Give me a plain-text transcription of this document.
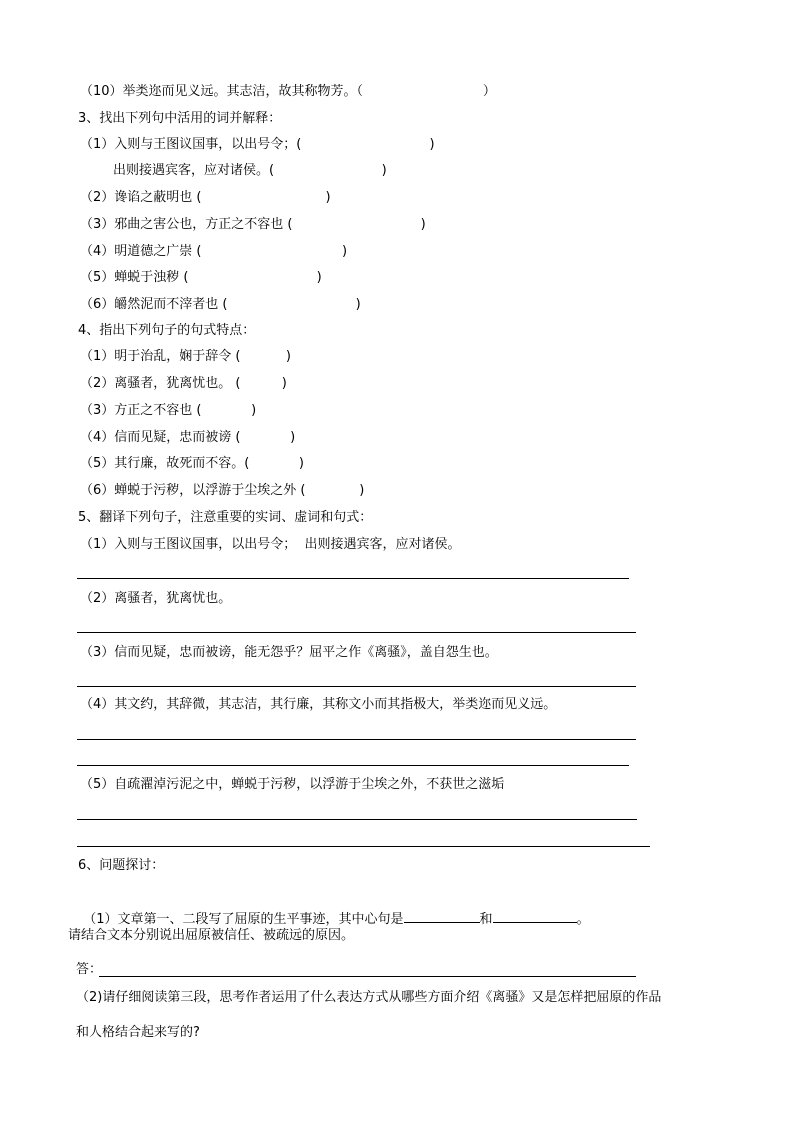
（10）举类迩而见义远。其志洁，故其称物芳。（                             ）
3、找出下列句中活用的词并解释：
（1）入则与王图议国事，以出号令；(                               )
出则接遇宾客，应对诸侯。(                          )
（2）谗谄之蔽明也 (                              )
（3）邪曲之害公也，方正之不容也 (                               )
（4）明道德之广崇 (                                  )
（5）蝉蜕于浊秽 (                               )
（6）皭然泥而不滓者也 (                               )
4、指出下列句子的句式特点：
（1）明于治乱，娴于辞令 (           )
（2）离骚者，犹离忧也。 (          )
（3）方正之不容也 (            )
（4）信而见疑，忠而被谤 (            )
（5）其行廉，故死而不容。(            )
（6）蝉蜕于污秽，以浮游于尘埃之外 (             )
5、翻译下列句子，注意重要的实词、虚词和句式：
（1）入则与王图议国事，以出号令；  出则接遇宾客，应对诸侯。
（2）离骚者，犹离忧也。
（3）信而见疑，忠而被谤，能无怨乎？屈平之作《离骚》，盖自怨生也。
（4）其文约，其辞微，其志洁，其行廉，其称文小而其指极大，举类迩而见义远。
（5）自疏濯淖污泥之中，蝉蜕于污秽，以浮游于尘埃之外，不获世之滋垢
6、问题探讨：

（1）文章第一、二段写了屈原的生平事迹，其中心句是	和	。

请结合文本分别说出屈原被信任、被疏远的原因。
答：
（2)请仔细阅读第三段，思考作者运用了什么表达方式从哪些方面介绍《离骚》又是怎样把屈原的作品
和人格结合起来写的?
